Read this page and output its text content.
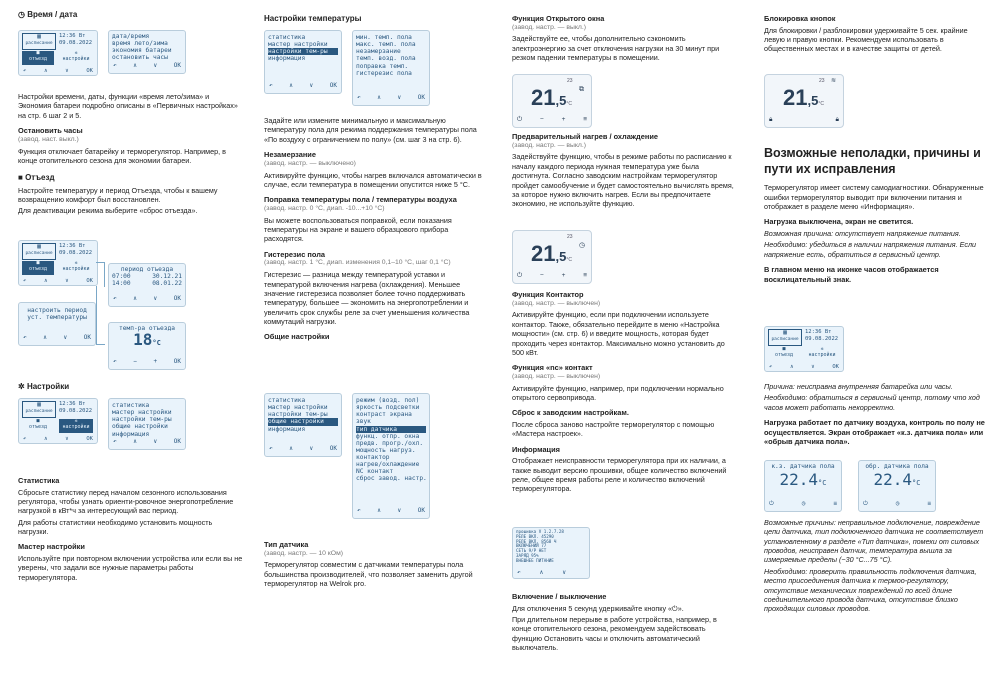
◷ Время / дата
▦
расписание
12:36 Вт
09.08.2022
■
отъезд
✲
настройки
↶	∧	∨	OK
дата/время
время лето/зима
экономия батареи
остановить часы
↶	∧	∨	OK

Настройки времени, даты, функции «время лето/зима» и Экономия батареи подробно описаны в «Первичных настройках» на стр. 6 шаг 2 и 5.

Остановить часы
(завод. наст. выкл.)

Функция отключает батарейку и терморегулятор. Например, в конце отопительного сезона для экономии батареи.

■ Отъезд

Настройте температуру и период Отъезда, чтобы к вашему возвращению комфорт был восстановлен.

Для деактивации режима выберите «сброс отъезда».

▦
расписание
12:36 Вт
09.08.2022
■
отъезд
✲
настройки
↶	∧	∨	OK
период отъезда
07:00	30.12.21
14:00	08.01.22
↶	∧	∨	OK
настроить период
уст. температуры
↶	∧	∨	OK
темп-ра отъезда
18°C
↶	−	+	OK
✲ Настройки
▦
расписание
12:36 Вт
09.08.2022
■
отъезд
✲
настройки
↶	∧	∨	OK
статистика
мастер настройки
настройки тем-ры
общие настройки
информация
↶	∧	∨	OK
Статистика

Сбросьте статистику перед началом сезонного использования регулятора, чтобы узнать ориенти-ровочное энергопотребление нагрузкой в кВт*ч за интересующий вас период.

Для работы статистики необходимо установить мощность нагрузки.

Мастер настройки

Используйте при повторном включении устройства или если вы не уверены, что задали все нужные параметры работы терморегулятора.

Настройки температуры
статистика
мастер настройки
настройки тем-ры
информация
↶	∧	∨	OK
мин. темп. пола
макс. темп. пола
незамерзание
темп. возд. пола
поправка темп.
гистерезис пола
↶	∧	∨	OK

Задайте или измените минимальную и максимальную температуру пола для режима поддержания температуры пола «По воздуху с ограничением по полу» (см. шаг 3 на стр. 6).

Незамерзание
(завод. настр. — выключено)

Активируйте функцию, чтобы нагрев включался автоматически в случае, если температура в помещении опустится ниже 5 °С.

Поправка температуры пола / температуры воздуха
(завод. настр. 0 °С, диап. -10...+10 °С)

Вы можете воспользоваться поправкой, если показания температуры на экране и вашего образцового прибора расходятся.

Гистерезис пола
(завод. настр. 1 °С, диап. изменения 0,1–10 °С, шаг 0,1 °С)

Гистерезис — разница между температурой уставки и температурой включения нагрева (охлаждения). Меньшее значение гистерезиса позволяет более точно поддерживать температуру, большее — экономить на энергопотреблении и увеличить срок службы реле за счет уменьшения количества коммутаций нагрузки.

Общие настройки
статистика
мастер настройки
настройки тем-ры
общие настройки
информация
↶	∧	∨	OK
режим (возд. пол)
яркость подсветки
контраст экрана
звук
тип датчика
функц. отпр. окна
предв. прогр./охл.
мощность нагруз.
контактор
нагрев/охлаждение
NC контакт
сброс завод. настр.
↶	∧	∨	OK
Тип датчика
(завод. настр. — 10 кОм)

Терморегулятор совместим с датчиками температуры пола большинства производителей, что позволяет заменить другой терморегулятор на Welrok pro.

Функция Открытого окна
(завод. настр. — выкл.)

Задействуйте ее, чтобы дополнительно сэкономить электроэнергию за счет отключения нагрузки на 30 минут при резком падении температуры в помещении.

23
⧉
21,5°C
⏻	−	+	≡
Предварительный нагрев / охлаждение
(завод. настр. — выкл.)

Задействуйте функцию, чтобы в режиме работы по расписанию к началу каждого периода нужная температура уже была достигнута. Согласно заводским настройкам терморегулятор пройдет самообучение и будет самостоятельно вычислять время, за которое нужно включить нагрев. Если вы предпочитаете экономию, не используйте функцию.

23
◷
21,5°C
⏻	−	+	≡
Функция Контактор
(завод. настр. — выключен)

Активируйте функцию, если при подключении используете контактор. Также, обязательно перейдите в меню «Настройка мощности» (см. стр. 6) и введите мощность, которая будет проходить через контактор. Максимально можно установить до 500 кВт.

Функция «nc» контакт
(завод. настр. — выключен)

Активируйте функцию, например, при подключении нормально открытого сервопривода.

Сброс к заводским настройкам.

После сброса заново настройте терморегулятор с помощью «Мастера настроек».

Информация

Отображает неисправности терморегулятора при их наличии, а также выводит версию прошивки, общее количество включений реле, общее время работы реле и количество включений терморегулятора.

прошивка V 1.2.7.28
РЕЛЕ ВКЛ. 45290
РЕЛЕ ВКЛ. 8568 Ч
ВКЛЮЧЕНИЙ 77
СЕТЬ 9/Р НЕТ
ЗАРЯД 95%
ВНЕШНЕЕ ПИТАНИЕ
↶	∧	∨
Включение / выключение

Для отключения 5 секунд удерживайте кнопку «⏻».

При длительном перерыве в работе устройства, например, в конце отопительного сезона, рекомендуем задействовать функцию Остановить часы и отключить автоматический выключатель.

Блокировка кнопок

Для блокировки / разблокировки удерживайте 5 сек. крайние левую и правую кнопки. Рекомендуем использовать в общественных местах и в качестве защиты от детей.

23 ≋
21,5°C
🔒︎	🔒︎
Возможные неполадки, причины и пути их исправления

Терморегулятор имеет систему самодиагностики. Обнаруженные ошибки терморегулятор выводит при включении питания и отображает в разделе меню «Информация».

Нагрузка выключена, экран не светится.

Возможная причина: отсутствует напряжение питания.

Необходимо: убедиться в наличии напряжения питания. Если напряжение есть, обратиться в сервисный центр.

В главном меню на иконке часов отображается восклицательный знак.
▦
расписание
12:36 Вт
09.08.2022
■
отъезд
✲
настройки
↶	∧	∨	OK

Причина: неисправна внутренняя батарейка или часы.

Необходимо: обратиться в сервисный центр, потому что ход часов может работать некорректно.

Нагрузка работает по датчику воздуха, контроль по полу не осуществляется. Экран отображает «к.з. датчика пола» или «обрыв датчика пола».
к.з. датчика пола
22.4°C
⏻	◷	≡
обр. датчика пола
22.4°C
⏻	◷	≡

Возможные причины: неправильное подключение, повреждение цепи датчика, тип подключенного датчика не соответствует установленному в разделе «Тип датчика», помехи от силовых проводов, неисправен датчик, температура вышла за измеряемые пределы (−30 °C...75 °C).

Необходимо: проверить правильность подключения датчика, место присоединения датчика к термоо-регулятору, отсутствие механических повреждений по всей длине соединительного провода датчика, отсутствие близко проходящих силовых проводов.
